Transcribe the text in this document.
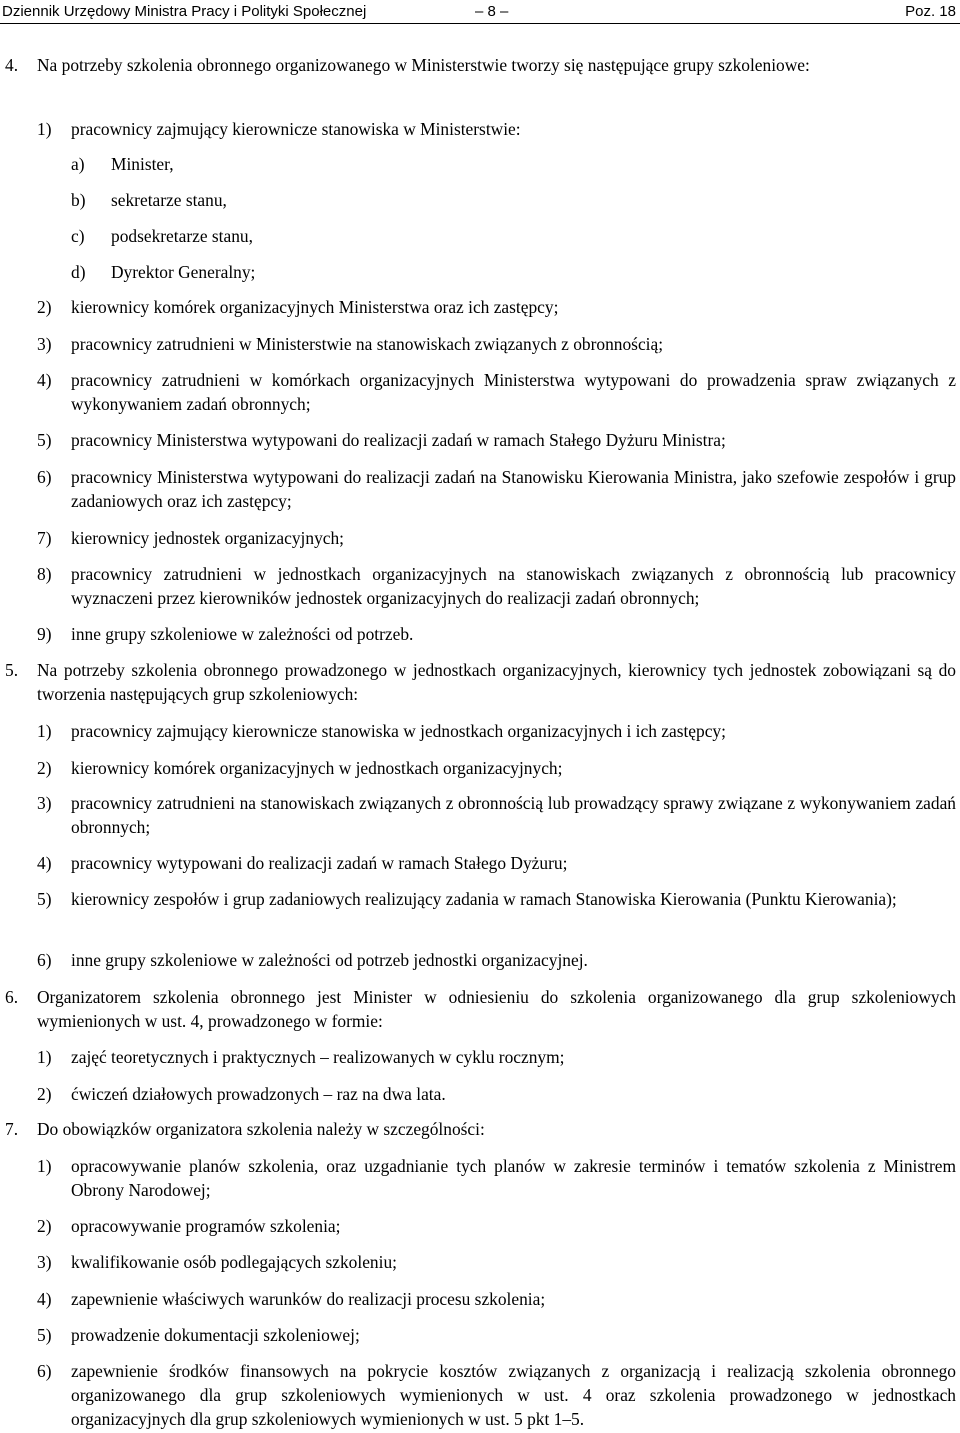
Dziennik Urzędowy Ministra Pracy i Polityki Społecznej	– 8 –	Poz. 18
4. Na potrzeby szkolenia obronnego organizowanego w Ministerstwie tworzy się następujące grupy szkoleniowe:
1) pracownicy zajmujący kierownicze stanowiska w Ministerstwie:
a) Minister,
b) sekretarze stanu,
c) podsekretarze stanu,
d) Dyrektor Generalny;
2) kierownicy komórek organizacyjnych Ministerstwa oraz ich zastępcy;
3) pracownicy zatrudnieni w Ministerstwie na stanowiskach związanych z obronnością;
4) pracownicy zatrudnieni w komórkach organizacyjnych Ministerstwa wytypowani do prowadzenia spraw związanych z wykonywaniem zadań obronnych;
5) pracownicy Ministerstwa wytypowani do realizacji zadań w ramach Stałego Dyżuru Ministra;
6) pracownicy Ministerstwa wytypowani do realizacji zadań na Stanowisku Kierowania Ministra, jako szefowie zespołów i grup zadaniowych oraz ich zastępcy;
7) kierownicy jednostek organizacyjnych;
8) pracownicy zatrudnieni w jednostkach organizacyjnych na stanowiskach związanych z obronnością lub pracownicy wyznaczeni przez kierowników jednostek organizacyjnych do realizacji zadań obronnych;
9) inne grupy szkoleniowe w zależności od potrzeb.
5. Na potrzeby szkolenia obronnego prowadzonego w jednostkach organizacyjnych, kierownicy tych jednostek zobowiązani są do tworzenia następujących grup szkoleniowych:
1) pracownicy zajmujący kierownicze stanowiska w jednostkach organizacyjnych i ich zastępcy;
2) kierownicy komórek organizacyjnych w jednostkach organizacyjnych;
3) pracownicy zatrudnieni na stanowiskach związanych z obronnością lub prowadzący sprawy związane z wykonywaniem zadań obronnych;
4) pracownicy wytypowani do realizacji zadań w ramach Stałego Dyżuru;
5) kierownicy zespołów i grup zadaniowych realizujący zadania w ramach Stanowiska Kierowania (Punktu Kierowania);
6) inne grupy szkoleniowe w zależności od potrzeb jednostki organizacyjnej.
6. Organizatorem szkolenia obronnego jest Minister w odniesieniu do szkolenia organizowanego dla grup szkoleniowych wymienionych w ust. 4, prowadzonego w formie:
1) zajęć teoretycznych i praktycznych – realizowanych w cyklu rocznym;
2) ćwiczeń działowych prowadzonych – raz na dwa lata.
7. Do obowiązków organizatora szkolenia należy w szczególności:
1) opracowywanie planów szkolenia, oraz uzgadnianie tych planów w zakresie terminów i tematów szkolenia z Ministrem Obrony Narodowej;
2) opracowywanie programów szkolenia;
3) kwalifikowanie osób podlegających szkoleniu;
4) zapewnienie właściwych warunków do realizacji procesu szkolenia;
5) prowadzenie dokumentacji szkoleniowej;
6) zapewnienie środków finansowych na pokrycie kosztów związanych z organizacją i realizacją szkolenia obronnego organizowanego dla grup szkoleniowych wymienionych w ust. 4 oraz szkolenia prowadzonego w jednostkach organizacyjnych dla grup szkoleniowych wymienionych w ust. 5 pkt 1–5.
